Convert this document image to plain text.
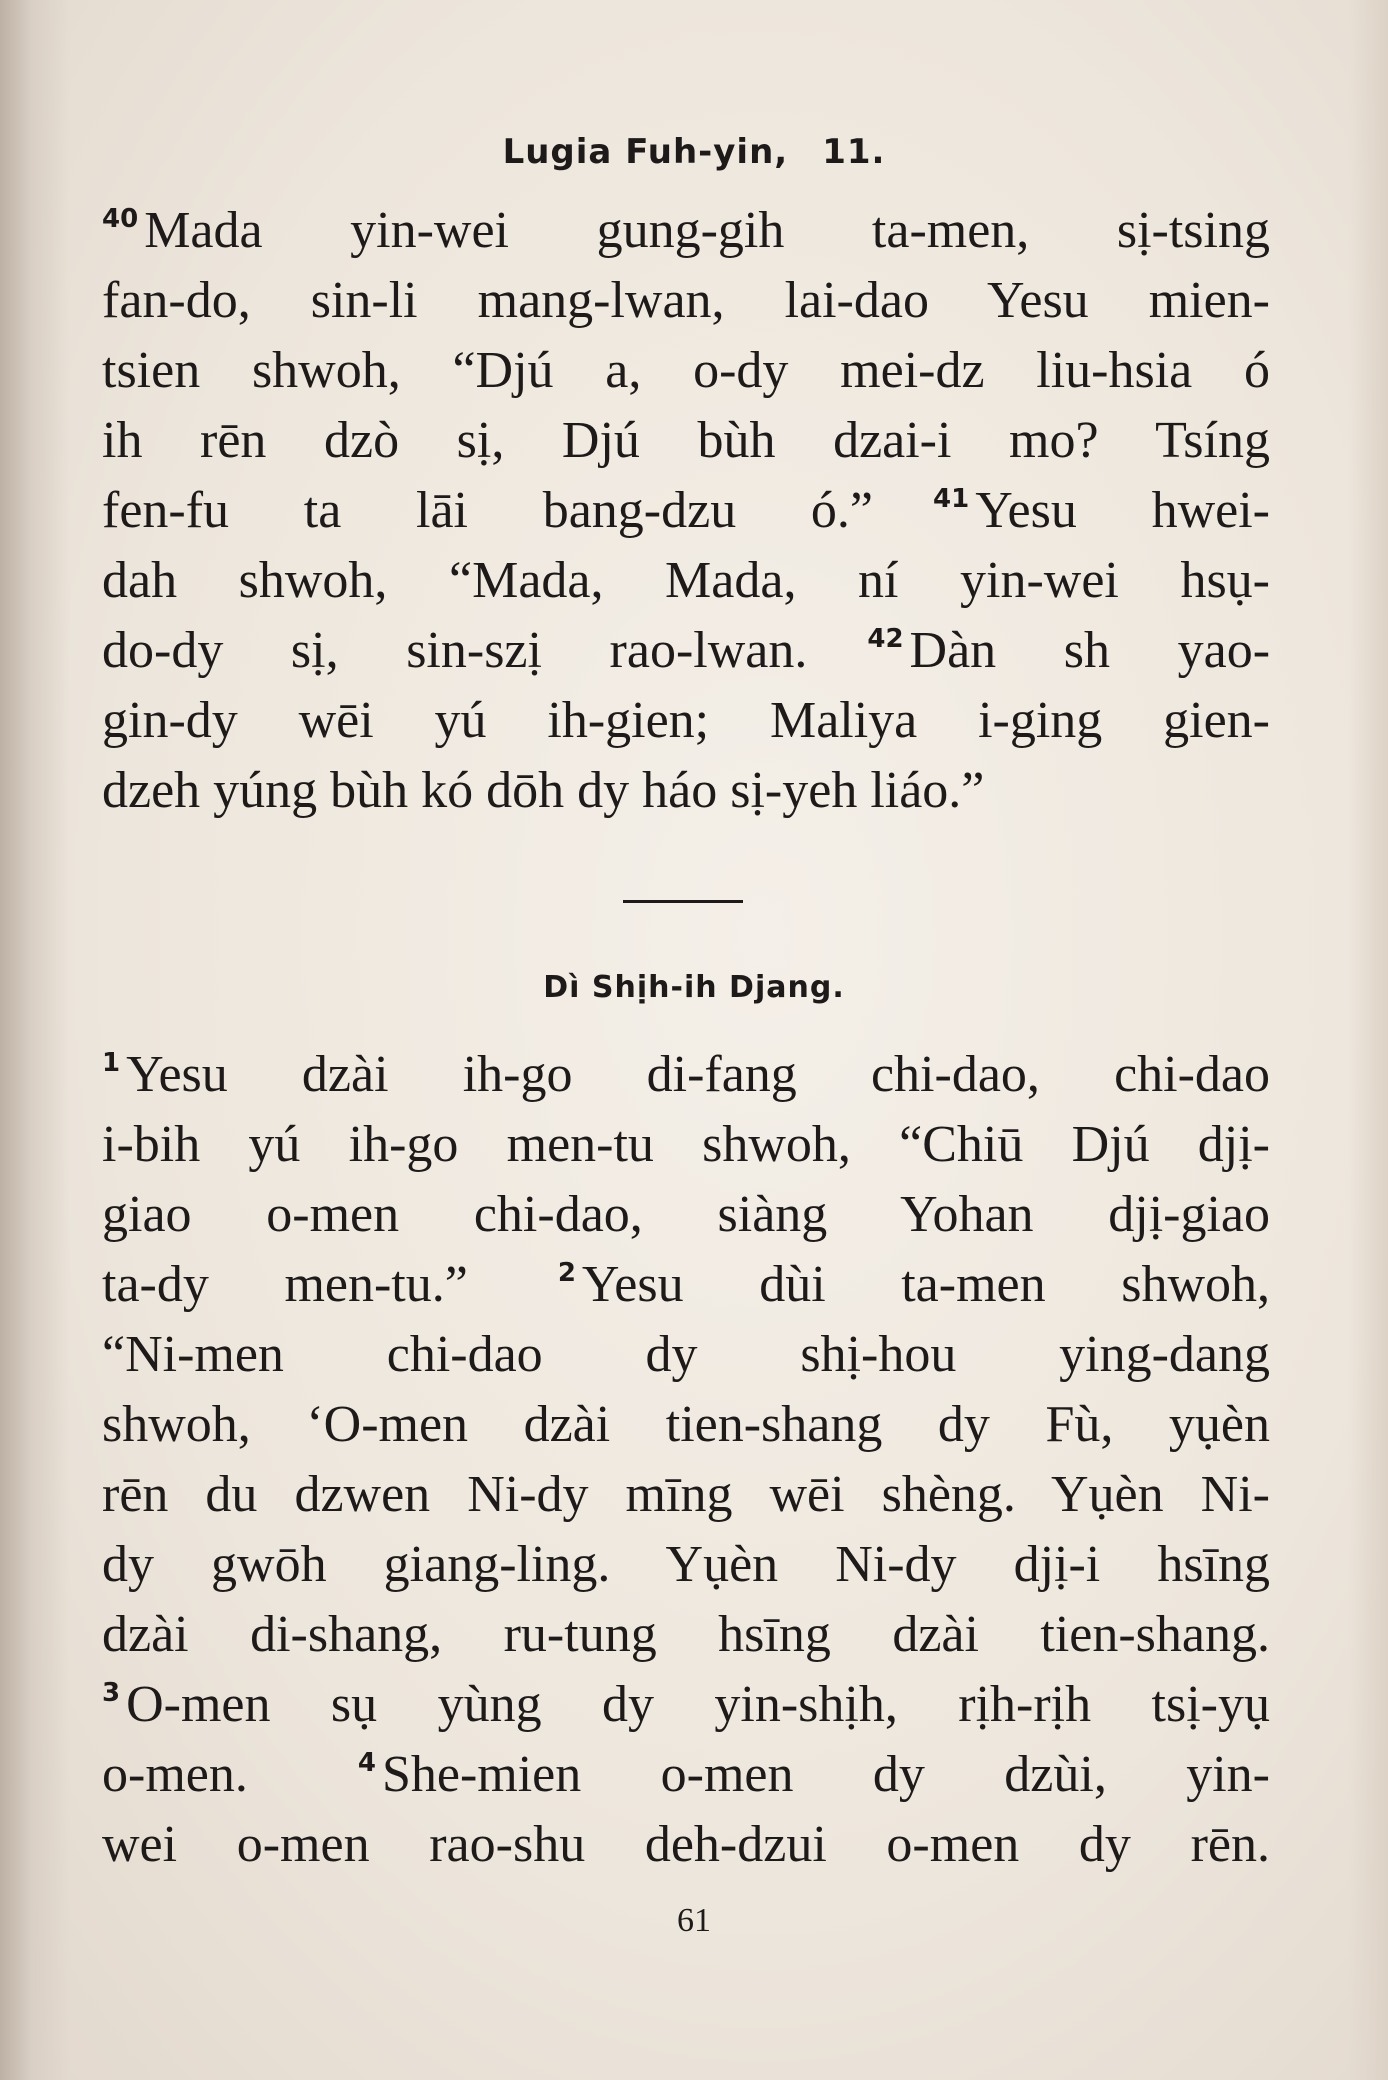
Lugia Fuh-yin, 11.
$^{40}$ Mada yin-wei gung-gih ta-men, sị-tsing
fan-do, sin-li mang-lwan, lai-dao Yesu mien-
tsien shwoh, “Djú a, o-dy mei-dz liu-hsia ó
ih rēn dzò sị, Djú bùh dzai-i mo? Tsíng
fen-fu ta lāi bang-dzu ó.” $^{41}$ Yesu hwei-
dah shwoh, “Mada, Mada, ní yin-wei hsụ-
do-dy sị, sin-szị rao-lwan. $^{42}$ Dàn sh yao-
gin-dy wēi yú ih-gien; Maliya i-ging gien-
dzeh yúng bùh kó dōh dy háo sị-yeh liáo.”
Dì Shịh-ih Djang.
$^1$ Yesu dzài ih-go di-fang chi-dao, chi-dao
i-bih yú ih-go men-tu shwoh, “Chiū Djú djị-
giao o-men chi-dao, siàng Yohan djị-giao
ta-dy men-tu.”	$^2$ Yesu dùi ta-men shwoh,
“Ni-men chi-dao dy shị-hou ying-dang
shwoh, ‘O-men dzài tien-shang dy Fù, yụèn
rēn du dzwen Ni-dy mīng wēi shèng. Yụèn Ni-
dy gwōh giang-ling. Yụèn Ni-dy djị-i hsīng
dzài di-shang, ru-tung hsīng dzài tien-shang.
$^3$ O-men sụ yùng dy yin-shịh, rịh-rịh tsị-yụ
o-men.	$^4$ She-mien o-men dy dzùi, yin-
wei o-men rao-shu deh-dzui o-men dy rēn.
61
